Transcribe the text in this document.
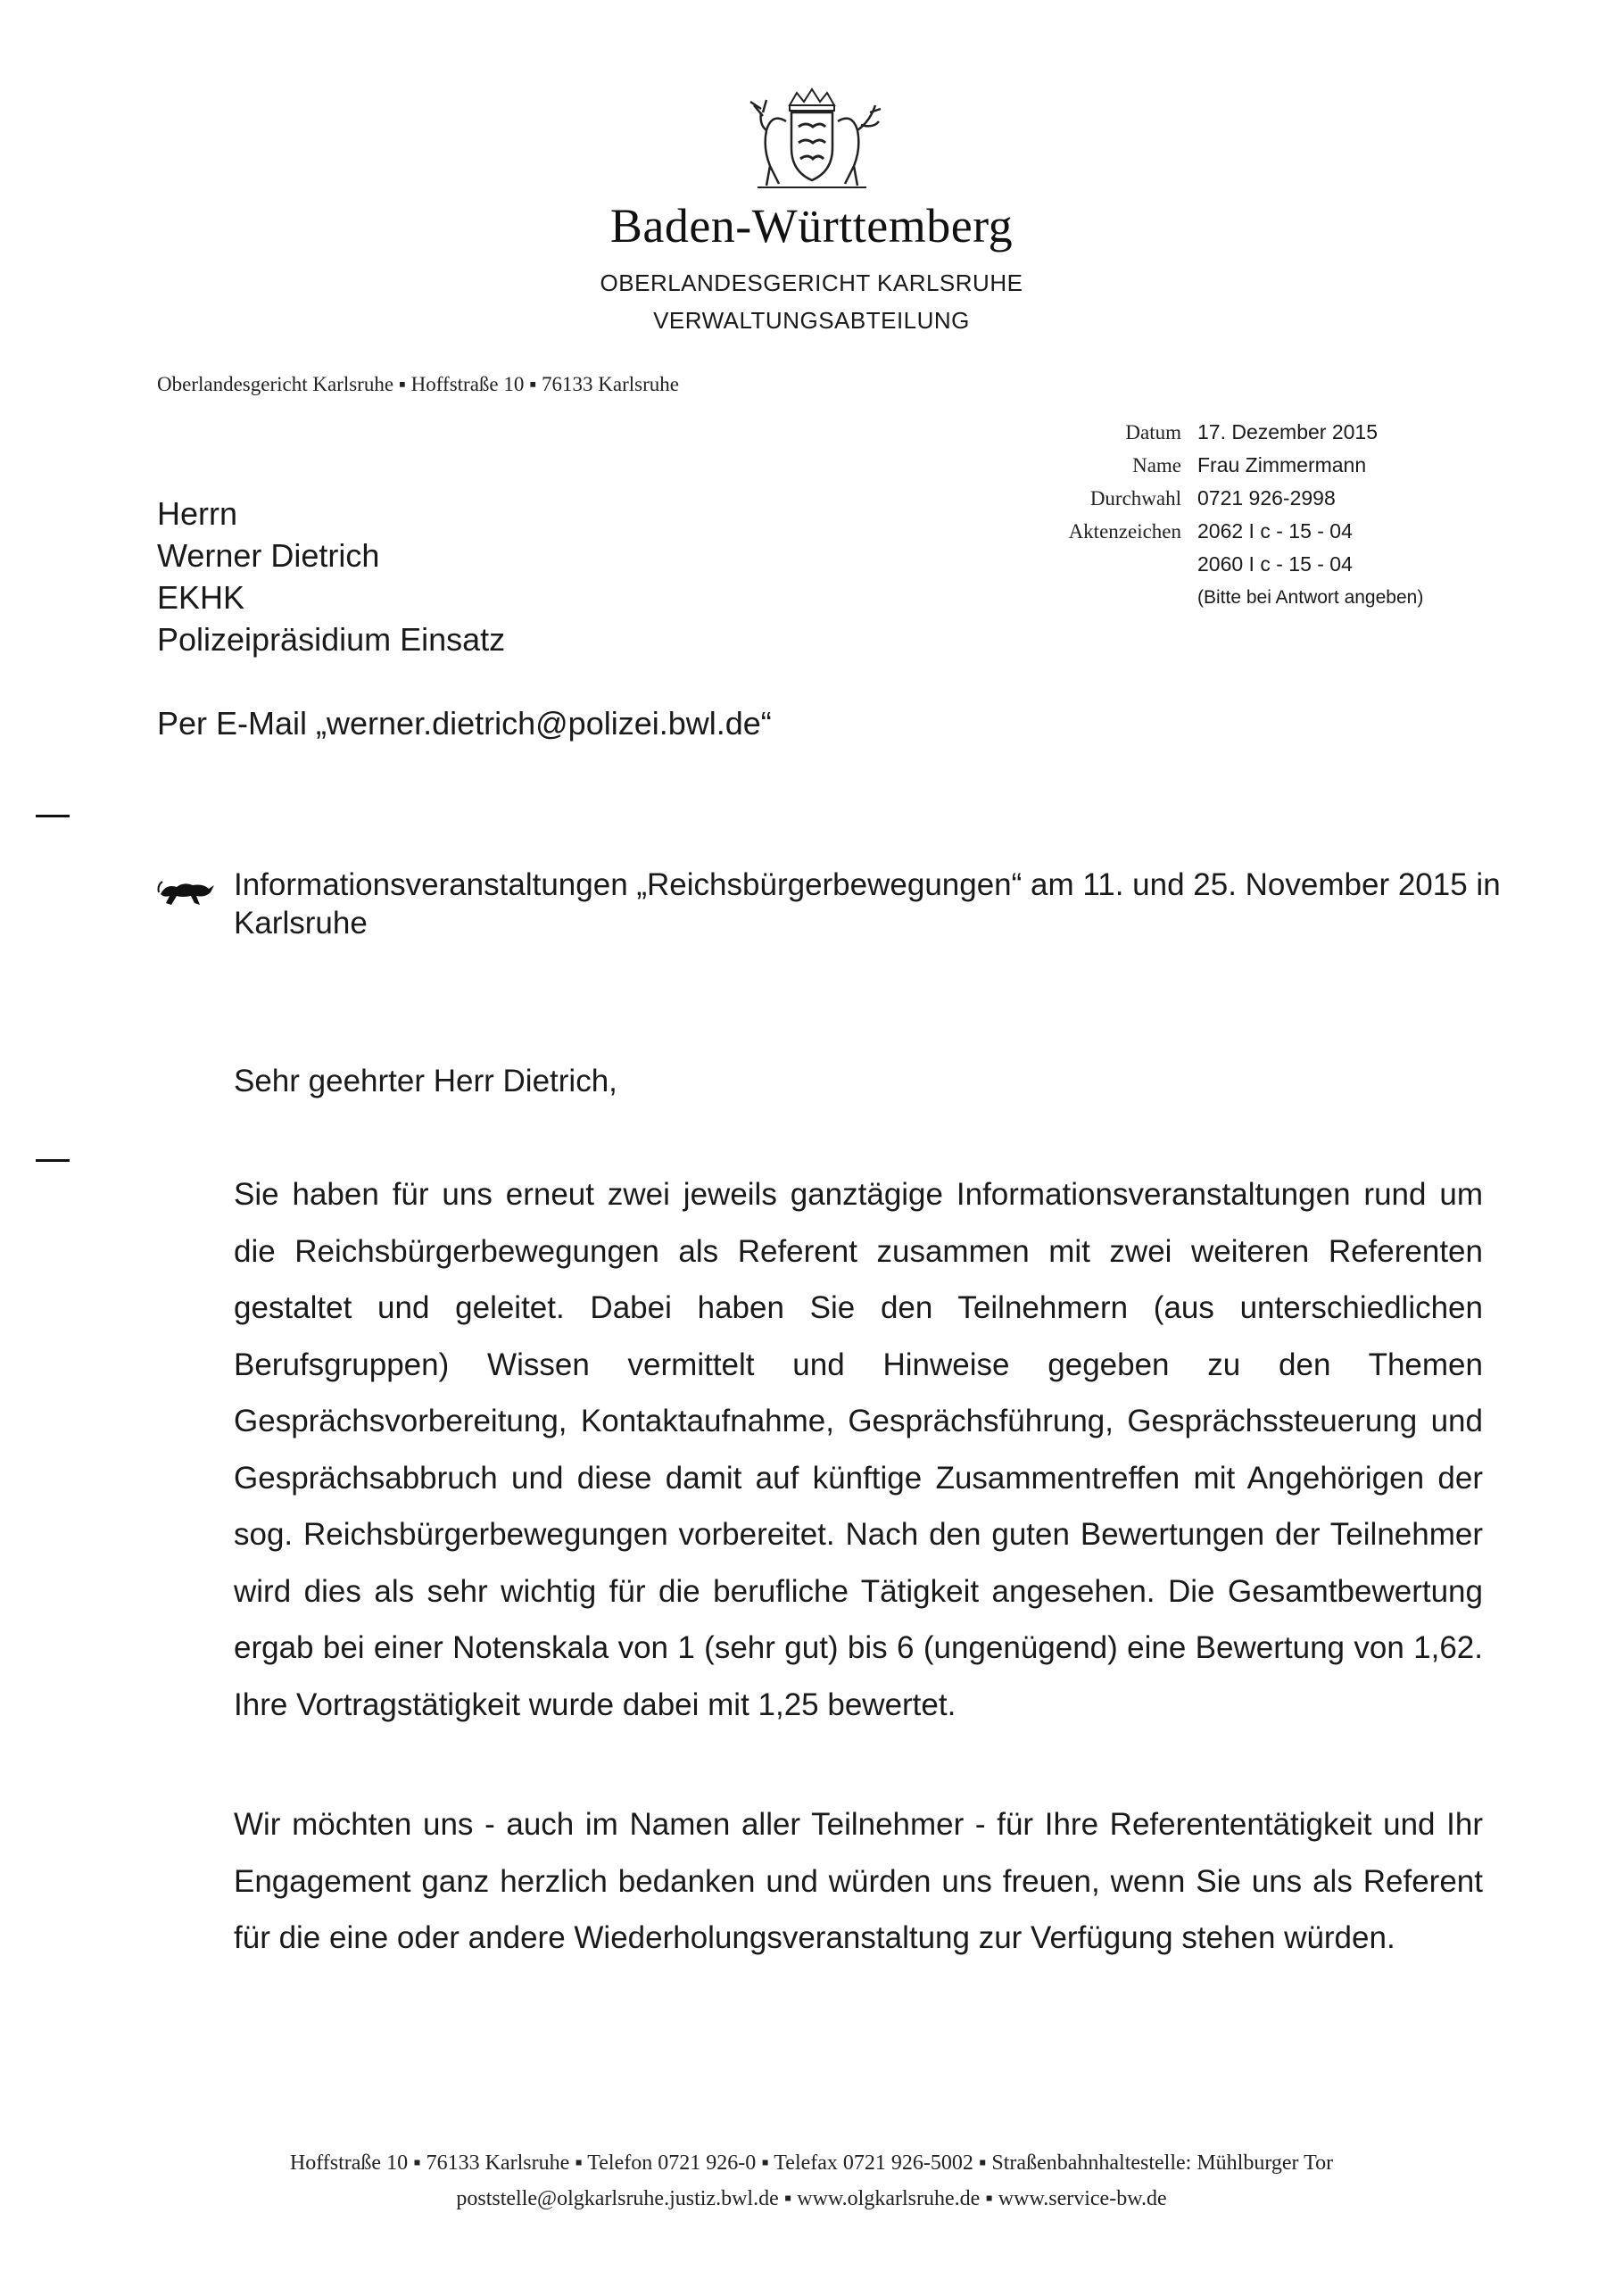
Baden-Württemberg
OBERLANDESGERICHT KARLSRUHE
VERWALTUNGSABTEILUNG
Oberlandesgericht Karlsruhe ▪ Hoffstraße 10 ▪ 76133 Karlsruhe
Datum 17. Dezember 2015
Name Frau Zimmermann
Durchwahl 0721 926-2998
Aktenzeichen 2062 I c - 15 - 04
2060 I c - 15 - 04
(Bitte bei Antwort angeben)
Herrn
Werner Dietrich
EKHK
Polizeipräsidium Einsatz
Per E-Mail „werner.dietrich@polizei.bwl.de“
Informationsveranstaltungen „Reichsbürgerbewegungen“ am 11. und 25. November 2015 in Karlsruhe
Sehr geehrter Herr Dietrich,
Sie haben für uns erneut zwei jeweils ganztägige Informationsveranstaltungen rund um die Reichsbürgerbewegungen als Referent zusammen mit zwei weiteren Referenten gestaltet und geleitet. Dabei haben Sie den Teilnehmern (aus unterschiedlichen Berufsgruppen) Wissen vermittelt und Hinweise gegeben zu den Themen Gesprächsvorbereitung, Kontaktaufnahme, Gesprächsführung, Gesprächssteuerung und Gesprächsabbruch und diese damit auf künftige Zusammentreffen mit Angehörigen der sog. Reichsbürgerbewegungen vorbereitet. Nach den guten Bewertungen der Teilnehmer wird dies als sehr wichtig für die berufliche Tätigkeit angesehen. Die Gesamtbewertung ergab bei einer Notenskala von 1 (sehr gut) bis 6 (ungenügend) eine Bewertung von 1,62. Ihre Vortragstätigkeit wurde dabei mit 1,25 bewertet.
Wir möchten uns - auch im Namen aller Teilnehmer - für Ihre Referententätigkeit und Ihr Engagement ganz herzlich bedanken und würden uns freuen, wenn Sie uns als Referent für die eine oder andere Wiederholungsveranstaltung zur Verfügung stehen würden.
Hoffstraße 10 ▪ 76133 Karlsruhe ▪ Telefon 0721 926-0 ▪ Telefax 0721 926-5002 ▪ Straßenbahnhaltestelle: Mühlburger Tor
poststelle@olgkarlsruhe.justiz.bwl.de ▪ www.olgkarlsruhe.de ▪ www.service-bw.de
